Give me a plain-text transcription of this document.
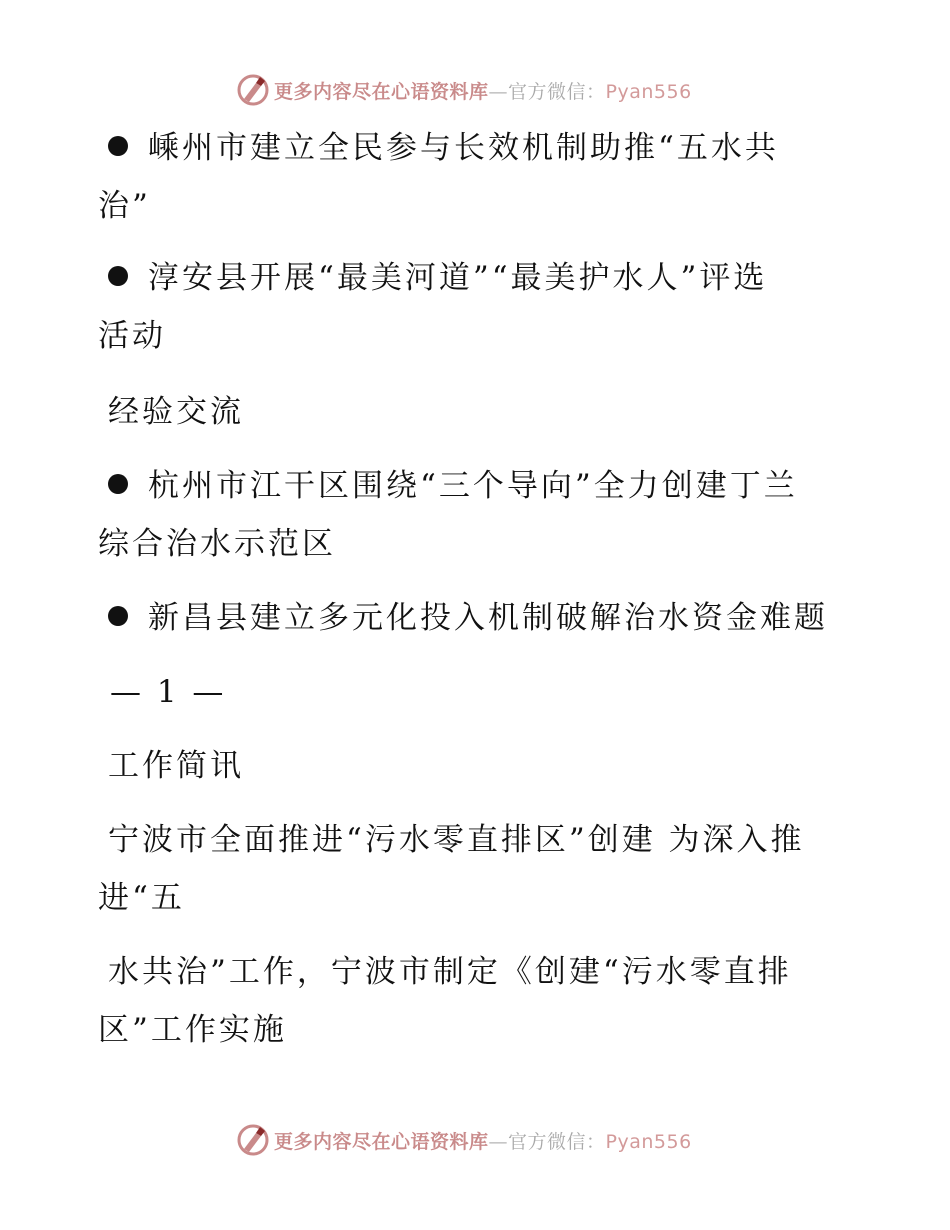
更多内容尽在心语资料库—官方微信：Pyan556
嵊州市建立全民参与长效机制助推“五水共
治”
淳安县开展“最美河道”“最美护水人”评选
活动
经验交流
杭州市江干区围绕“三个导向”全力创建丁兰
综合治水示范区
新昌县建立多元化投入机制破解治水资金难题
— 1 —
工作简讯
宁波市全面推进“污水零直排区”创建 为深入推
进“五
水共治”工作，宁波市制定《创建“污水零直排
区”工作实施
更多内容尽在心语资料库—官方微信：Pyan556
